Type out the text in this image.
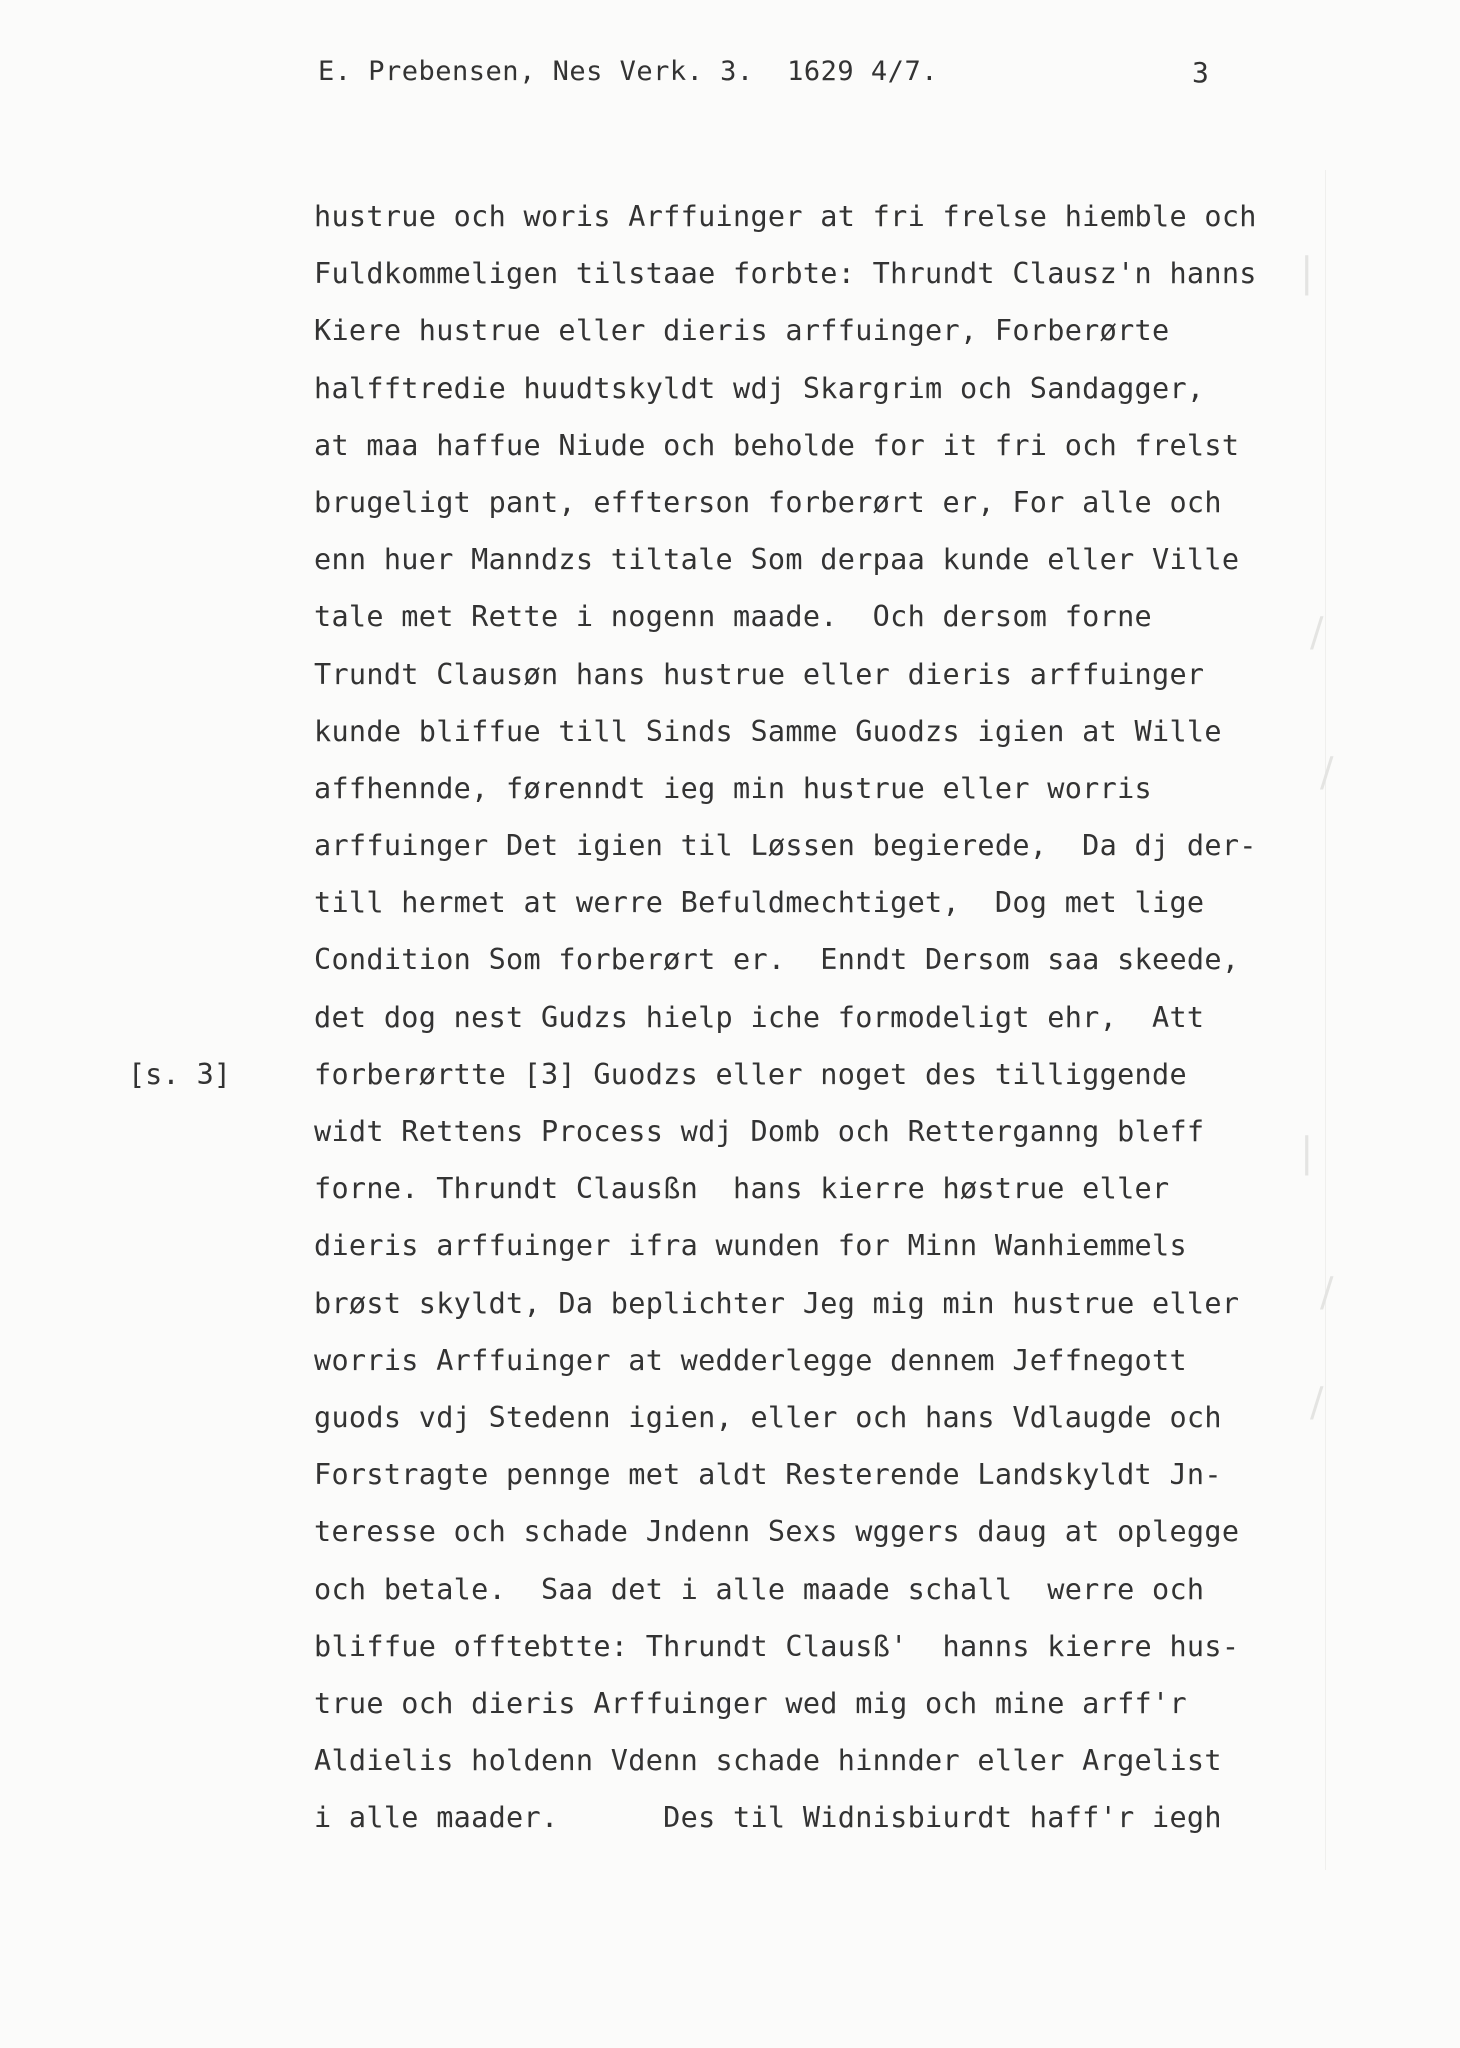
E. Prebensen, Nes Verk. 3.  1629 4/7.	3
[s. 3]
hustrue och woris Arffuinger at fri frelse hiemble och
Fuldkommeligen tilstaae forbte: Thrundt Clausz'n hanns
Kiere hustrue eller dieris arffuinger, Forberørte
halfftredie huudtskyldt wdj Skargrim och Sandagger,
at maa haffue Niude och beholde for it fri och frelst
brugeligt pant, effterson forberørt er, For alle och
enn huer Manndzs tiltale Som derpaa kunde eller Ville
tale met Rette i nogenn maade.  Och dersom forne
Trundt Clausøn hans hustrue eller dieris arffuinger
kunde bliffue till Sinds Samme Guodzs igien at Wille
affhennde, førenndt ieg min hustrue eller worris
arffuinger Det igien til Løssen begierede,  Da dj der-
till hermet at werre Befuldmechtiget,  Dog met lige
Condition Som forberørt er.  Enndt Dersom saa skeede,
det dog nest Gudzs hielp iche formodeligt ehr,  Att
forberørtte [3] Guodzs eller noget des tilliggende
widt Rettens Process wdj Domb och Retterganng bleff
forne. Thrundt Clausßn  hans kierre høstrue eller
dieris arffuinger ifra wunden for Minn Wanhiemmels
brøst skyldt, Da beplichter Jeg mig min hustrue eller
worris Arffuinger at wedderlegge dennem Jeffnegott
guods vdj Stedenn igien, eller och hans Vdlaugde och
Forstragte pennge met aldt Resterende Landskyldt Jn-
teresse och schade Jndenn Sexs wggers daug at oplegge
och betale.  Saa det i alle maade schall  werre och
bliffue offtebtte: Thrundt Clausß'  hanns kierre hus-
true och dieris Arffuinger wed mig och mine arff'r
Aldielis holdenn Vdenn schade hinnder eller Argelist
i alle maader.      Des til Widnisbiurdt haff'r iegh
|
/
/
|
/
/
